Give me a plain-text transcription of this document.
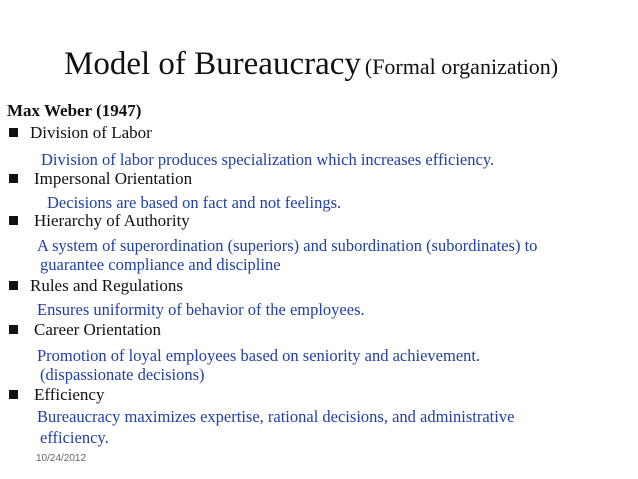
Model of Bureaucracy (Formal organization)
Max Weber (1947)
Division of Labor
Division of labor produces specialization which increases efficiency.
Impersonal Orientation
Decisions are based on fact and not feelings.
Hierarchy of Authority
A system of superordination (superiors) and subordination (subordinates) to
guarantee compliance and discipline
Rules and Regulations
Ensures uniformity of behavior of the employees.
Career Orientation
Promotion of loyal employees based on seniority and achievement.
(dispassionate decisions)
Efficiency
Bureaucracy maximizes expertise, rational decisions, and administrative
efficiency.
10/24/2012
